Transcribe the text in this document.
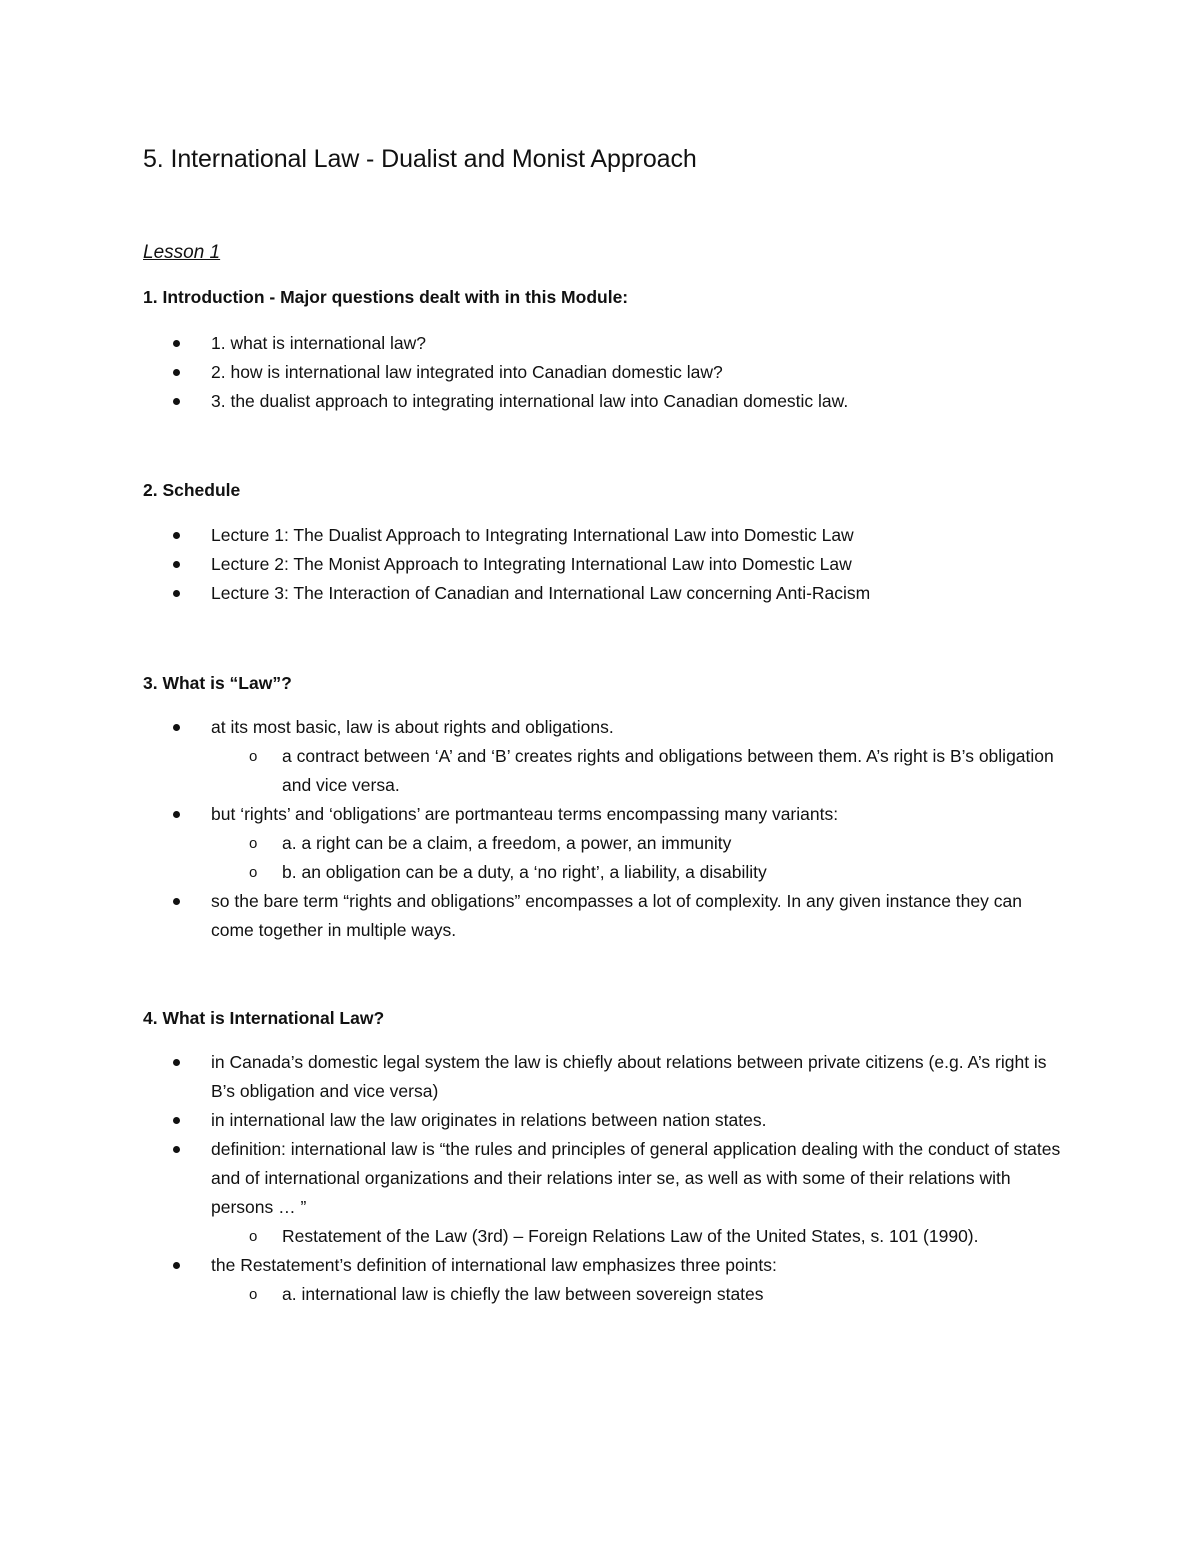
5. International Law - Dualist and Monist Approach
Lesson 1
1. Introduction - Major questions dealt with in this Module:
1. what is international law?
2. how is international law integrated into Canadian domestic law?
3. the dualist approach to integrating international law into Canadian domestic law.
2. Schedule
Lecture 1: The Dualist Approach to Integrating International Law into Domestic Law
Lecture 2: The Monist Approach to Integrating International Law into Domestic Law
Lecture 3: The Interaction of Canadian and International Law concerning Anti-Racism
3. What is “Law”?
at its most basic, law is about rights and obligations.
o a contract between ‘A’ and ‘B’ creates rights and obligations between them. A’s right is B’s obligation and vice versa.
but ‘rights’ and ‘obligations’ are portmanteau terms encompassing many variants:
o a. a right can be a claim, a freedom, a power, an immunity
o b. an obligation can be a duty, a ‘no right’, a liability, a disability
so the bare term “rights and obligations” encompasses a lot of complexity. In any given instance they can come together in multiple ways.
4. What is International Law?
in Canada’s domestic legal system the law is chiefly about relations between private citizens (e.g. A’s right is B’s obligation and vice versa)
in international law the law originates in relations between nation states.
definition: international law is “the rules and principles of general application dealing with the conduct of states and of international organizations and their relations inter se, as well as with some of their relations with persons … ”
o Restatement of the Law (3rd) – Foreign Relations Law of the United States, s. 101 (1990).
the Restatement’s definition of international law emphasizes three points:
o a. international law is chiefly the law between sovereign states
